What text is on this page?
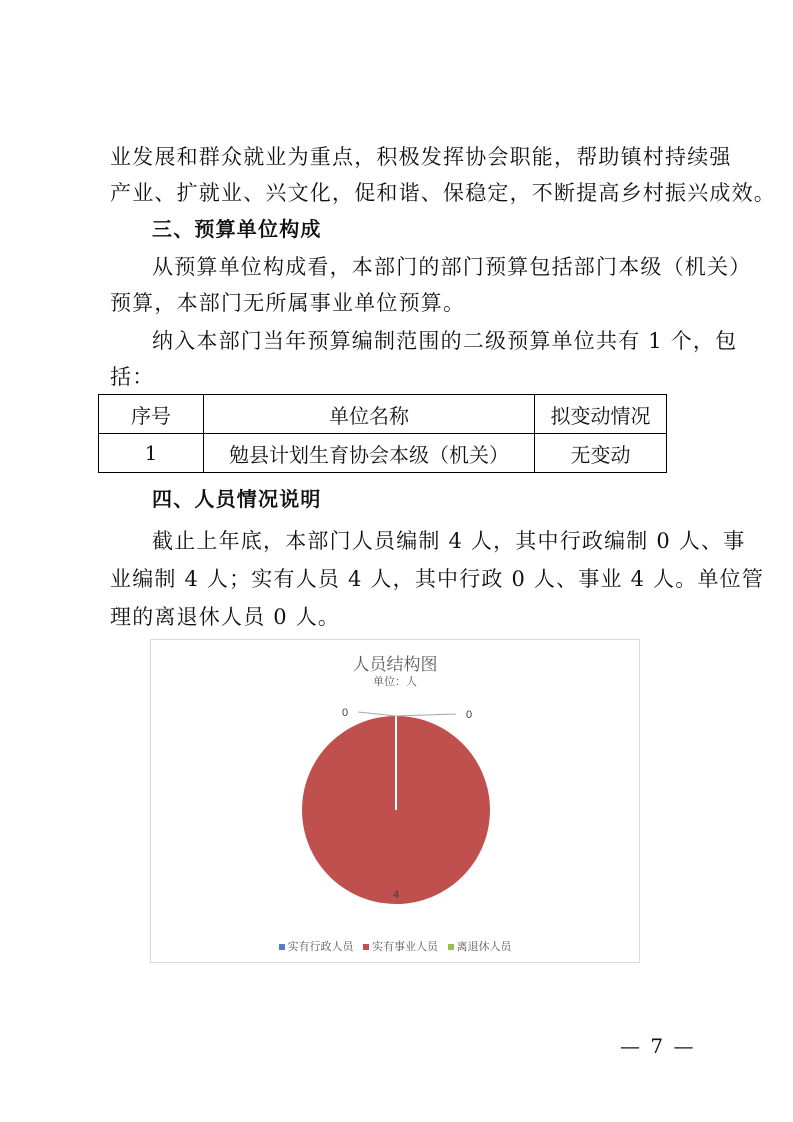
业发展和群众就业为重点，积极发挥协会职能，帮助镇村持续强
产业、扩就业、兴文化，促和谐、保稳定，不断提高乡村振兴成效。
三、预算单位构成
从预算单位构成看，本部门的部门预算包括部门本级（机关）
预算，本部门无所属事业单位预算。
纳入本部门当年预算编制范围的二级预算单位共有 1 个，包
括：
序号	单位名称	拟变动情况
1	勉县计划生育协会本级（机关）	无变动
四、人员情况说明
截止上年底，本部门人员编制 4 人，其中行政编制 0 人、事
业编制 4 人；实有人员 4 人，其中行政 0 人、事业 4 人。单位管
理的离退休人员 0 人。
人员结构图
单位：人
0	0
4
实有行政人员 实有事业人员 离退休人员
— 7 —
